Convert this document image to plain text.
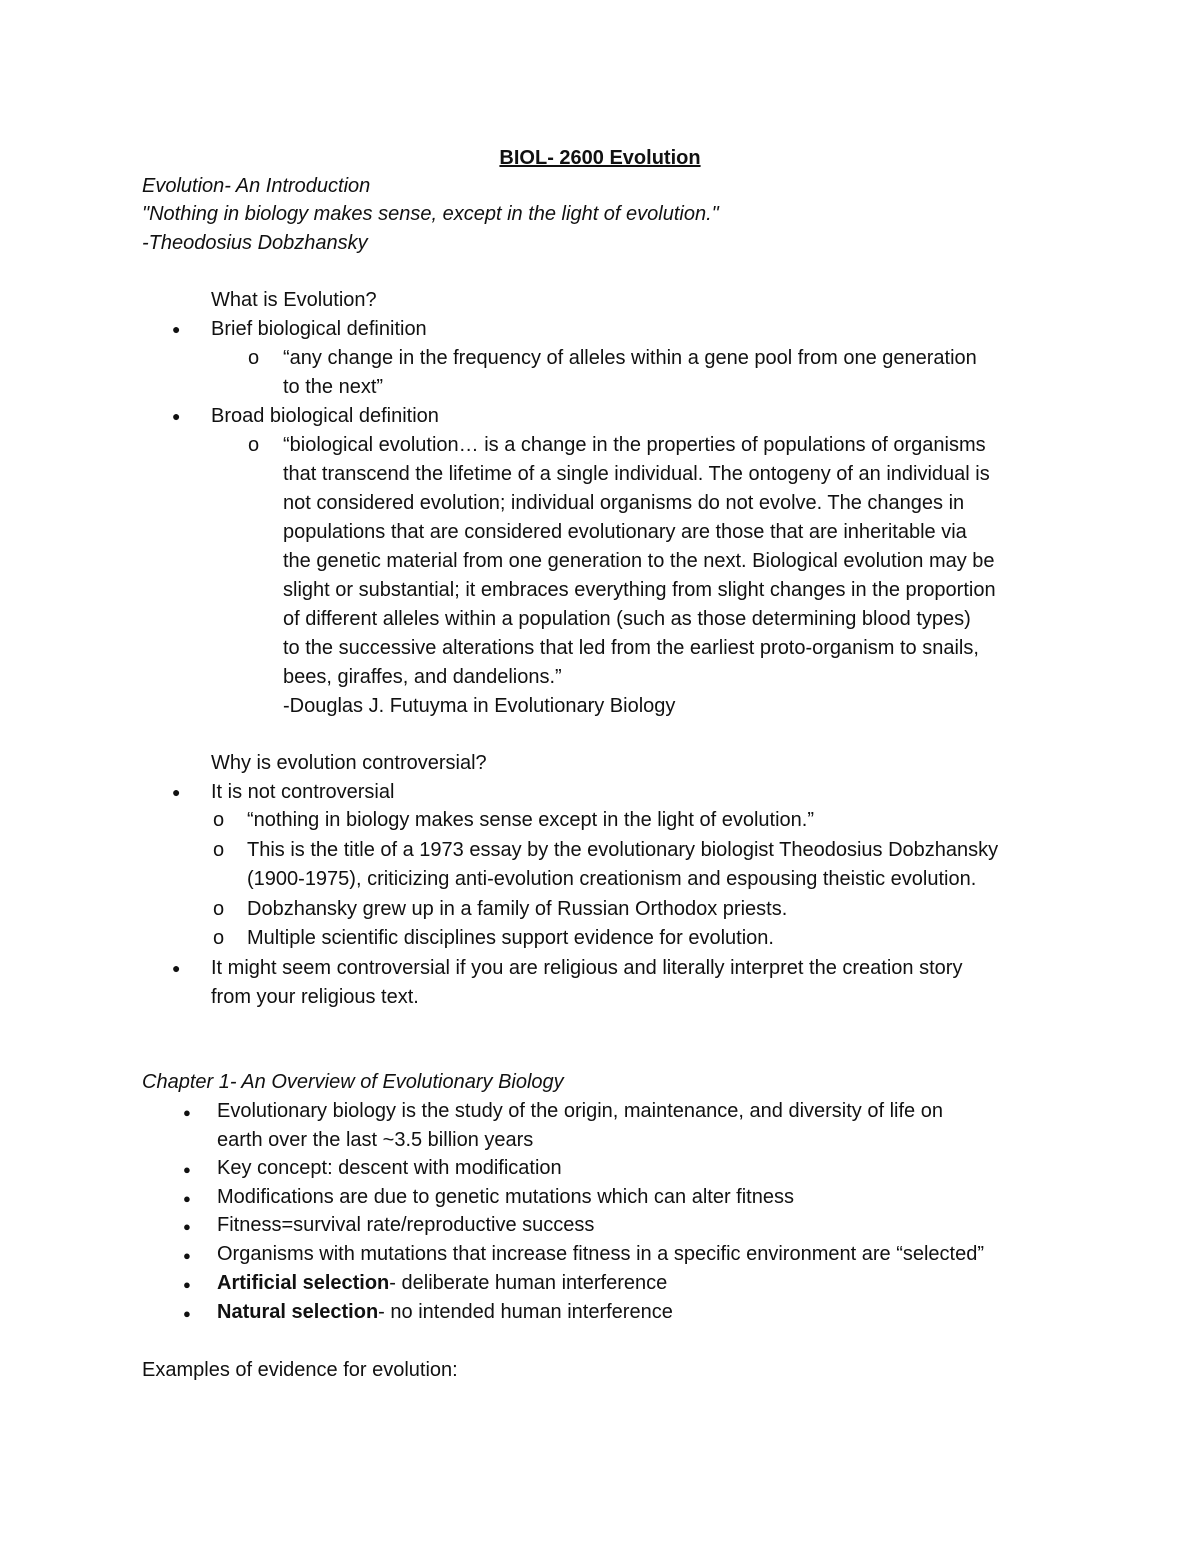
BIOL- 2600 Evolution
Evolution- An Introduction
"Nothing in biology makes sense, except in the light of evolution."
-Theodosius Dobzhansky
What is Evolution?
● Brief biological definition
o “any change in the frequency of alleles within a gene pool from one generation
to the next”
● Broad biological definition
o “biological evolution… is a change in the properties of populations of organisms
that transcend the lifetime of a single individual. The ontogeny of an individual is
not considered evolution; individual organisms do not evolve. The changes in
populations that are considered evolutionary are those that are inheritable via
the genetic material from one generation to the next. Biological evolution may be
slight or substantial; it embraces everything from slight changes in the proportion
of different alleles within a population (such as those determining blood types)
to the successive alterations that led from the earliest proto-organism to snails,
bees, giraffes, and dandelions.”
-Douglas J. Futuyma in Evolutionary Biology
Why is evolution controversial?
● It is not controversial
o “nothing in biology makes sense except in the light of evolution.”
o This is the title of a 1973 essay by the evolutionary biologist Theodosius Dobzhansky
(1900-1975), criticizing anti-evolution creationism and espousing theistic evolution.
o Dobzhansky grew up in a family of Russian Orthodox priests.
o Multiple scientific disciplines support evidence for evolution.
● It might seem controversial if you are religious and literally interpret the creation story
from your religious text.
Chapter 1- An Overview of Evolutionary Biology
● Evolutionary biology is the study of the origin, maintenance, and diversity of life on
earth over the last ~3.5 billion years
● Key concept: descent with modification
● Modifications are due to genetic mutations which can alter fitness
● Fitness=survival rate/reproductive success
● Organisms with mutations that increase fitness in a specific environment are “selected”
● Artificial selection- deliberate human interference
● Natural selection- no intended human interference
Examples of evidence for evolution:
